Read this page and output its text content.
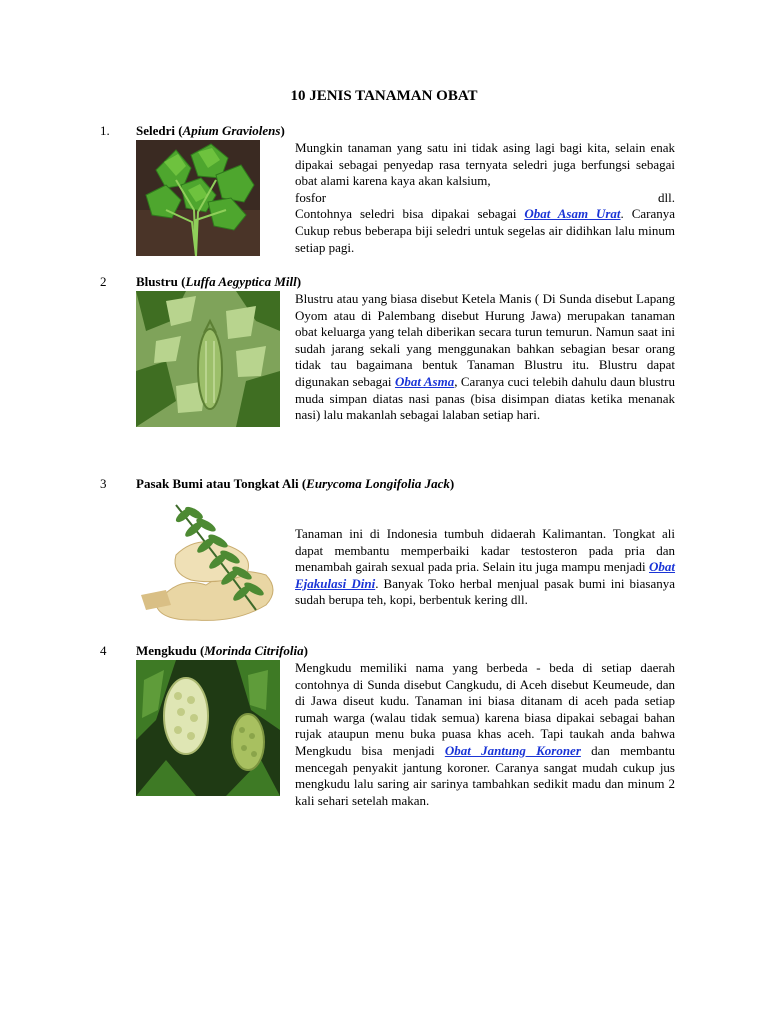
10 JENIS TANAMAN OBAT
1. Seledri (Apium Graviolens)
Mungkin tanaman yang satu ini tidak asing lagi bagi kita, selain enak dipakai sebagai penyedap rasa ternyata seledri juga berfungsi sebagai obat alami karena kaya akan kalsium,
fosfor	dll.
Contohnya seledri bisa dipakai sebagai Obat Asam Urat. Caranya Cukup rebus beberapa biji seledri untuk segelas air didihkan lalu minum setiap pagi.
2 Blustru (Luffa Aegyptica Mill)
Blustru atau yang biasa disebut Ketela Manis ( Di Sunda disebut Lapang Oyom atau di Palembang disebut Hurung Jawa) merupakan tanaman obat keluarga yang telah diberikan secara turun temurun. Namun saat ini sudah jarang sekali yang menggunakan bahkan sebagian besar orang tidak tau bagaimana bentuk Tanaman Blustru itu. Blustru dapat digunakan sebagai Obat Asma, Caranya cuci telebih dahulu daun blustru muda simpan diatas nasi panas (bisa disimpan diatas ketika menanak nasi) lalu makanlah sebagai lalaban setiap hari.
3 Pasak Bumi atau Tongkat Ali (Eurycoma Longifolia Jack)
Tanaman ini di Indonesia tumbuh didaerah Kalimantan. Tongkat ali dapat membantu memperbaiki kadar testosteron pada pria dan menambah gairah sexual pada pria. Selain itu juga mampu menjadi Obat Ejakulasi Dini. Banyak Toko herbal menjual pasak bumi ini biasanya sudah berupa teh, kopi, berbentuk kering dll.
4 Mengkudu (Morinda Citrifolia)
Mengkudu memiliki nama yang berbeda - beda di setiap daerah contohnya di Sunda disebut Cangkudu, di Aceh disebut Keumeude, dan di Jawa diseut kudu. Tanaman ini biasa ditanam di aceh pada setiap rumah warga (walau tidak semua) karena biasa dipakai sebagai bahan rujak ataupun menu buka puasa khas aceh. Tapi taukah anda bahwa Mengkudu bisa menjadi Obat Jantung Koroner dan membantu mencegah penyakit jantung koroner. Caranya sangat mudah cukup jus mengkudu lalu saring air sarinya tambahkan sedikit madu dan minum 2 kali sehari setelah makan.
